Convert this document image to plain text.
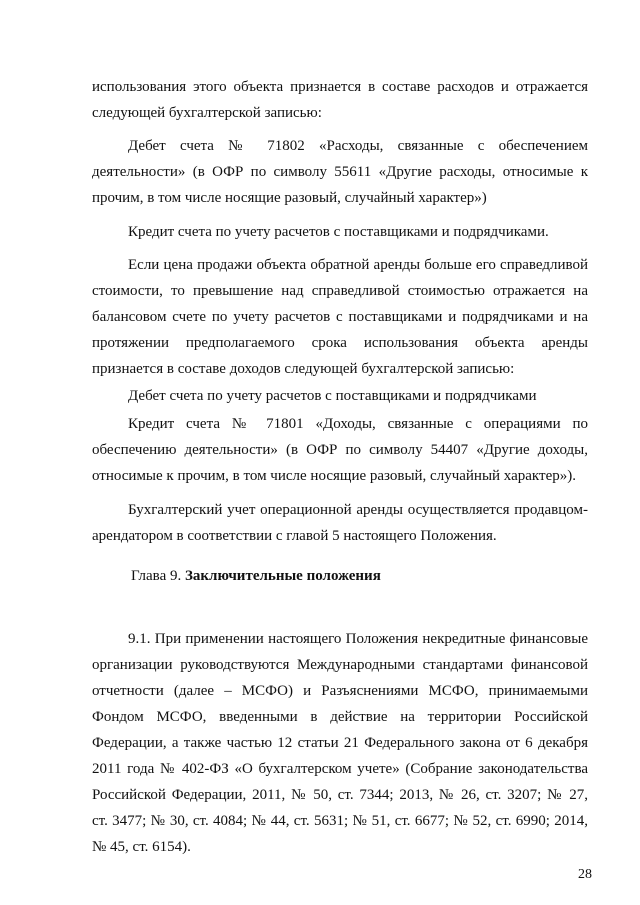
использования этого объекта признается в составе расходов и отражается
следующей бухгалтерской записью:
Дебет счета № 71802 «Расходы, связанные с обеспечением
деятельности» (в ОФР по символу 55611 «Другие расходы, относимые к
прочим, в том числе носящие разовый, случайный характер»)
Кредит счета по учету расчетов с поставщиками и подрядчиками.
Если цена продажи объекта обратной аренды больше его справедливой
стоимости, то превышение над справедливой стоимостью отражается на
балансовом счете по учету расчетов с поставщиками и подрядчиками и на
протяжении предполагаемого срока использования объекта аренды
признается в составе доходов следующей бухгалтерской записью:
Дебет счета по учету расчетов с поставщиками и подрядчиками
Кредит счета № 71801 «Доходы, связанные с операциями по
обеспечению деятельности» (в ОФР по символу 54407 «Другие доходы,
относимые к прочим, в том числе носящие разовый, случайный характер»).
Бухгалтерский учет операционной аренды осуществляется продавцом-
арендатором в соответствии с главой 5 настоящего Положения.
Глава 9. Заключительные положения
9.1. При применении настоящего Положения некредитные финансовые
организации руководствуются Международными стандартами финансовой
отчетности (далее – МСФО) и Разъяснениями МСФО, принимаемыми
Фондом МСФО, введенными в действие на территории Российской
Федерации, а также частью 12 статьи 21 Федерального закона от 6 декабря
2011 года № 402-ФЗ «О бухгалтерском учете» (Собрание законодательства
Российской Федерации, 2011, № 50, ст. 7344; 2013, № 26, ст. 3207; № 27,
ст. 3477; № 30, ст. 4084; № 44, ст. 5631; № 51, ст. 6677; № 52, ст. 6990; 2014,
№ 45, ст. 6154).
28
